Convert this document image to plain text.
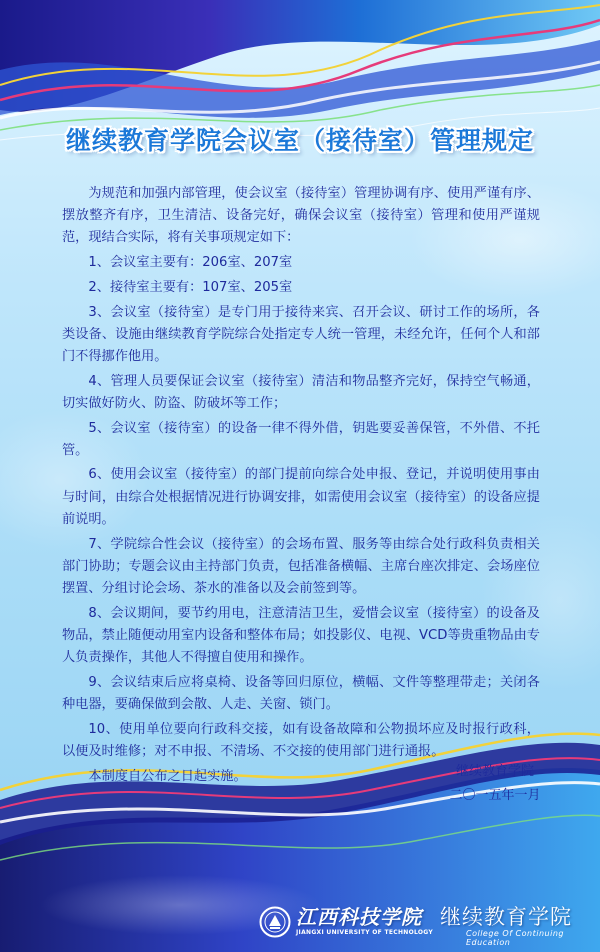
继续教育学院会议室（接待室）管理规定

为规范和加强内部管理，使会议室（接待室）管理协调有序、使用严谨有序、摆放整齐有序，卫生清洁、设备完好，确保会议室（接待室）管理和使用严谨规范，现结合实际，将有关事项规定如下：

1、会议室主要有：206室、207室

2、接待室主要有：107室、205室

3、会议室（接待室）是专门用于接待来宾、召开会议、研讨工作的场所，各类设备、设施由继续教育学院综合处指定专人统一管理，未经允许，任何个人和部门不得挪作他用。

4、管理人员要保证会议室（接待室）清洁和物品整齐完好，保持空气畅通，切实做好防火、防盗、防破坏等工作；

5、会议室（接待室）的设备一律不得外借，钥匙要妥善保管，不外借、不托管。

6、使用会议室（接待室）的部门提前向综合处申报、登记，并说明使用事由与时间，由综合处根据情况进行协调安排，如需使用会议室（接待室）的设备应提前说明。

7、学院综合性会议（接待室）的会场布置、服务等由综合处行政科负责相关部门协助；专题会议由主持部门负责，包括准备横幅、主席台座次排定、会场座位摆置、分组讨论会场、茶水的准备以及会前签到等。

8、会议期间，要节约用电，注意清洁卫生，爱惜会议室（接待室）的设备及物品，禁止随便动用室内设备和整体布局；如投影仪、电视、VCD等贵重物品由专人负责操作，其他人不得擅自使用和操作。

9、会议结束后应将桌椅、设备等回归原位，横幅、文件等整理带走；关闭各种电器，要确保做到会散、人走、关窗、锁门。

10、使用单位要向行政科交接，如有设备故障和公物损坏应及时报行政科，以便及时维修；对不申报、不清场、不交接的使用部门进行通报。

本制度自公布之日起实施。	继续教育学院
二〇一五年一月
江西科技学院
JIANGXI UNIVERSITY OF TECHNOLOGY
继续教育学院
College Of Continuing Education
